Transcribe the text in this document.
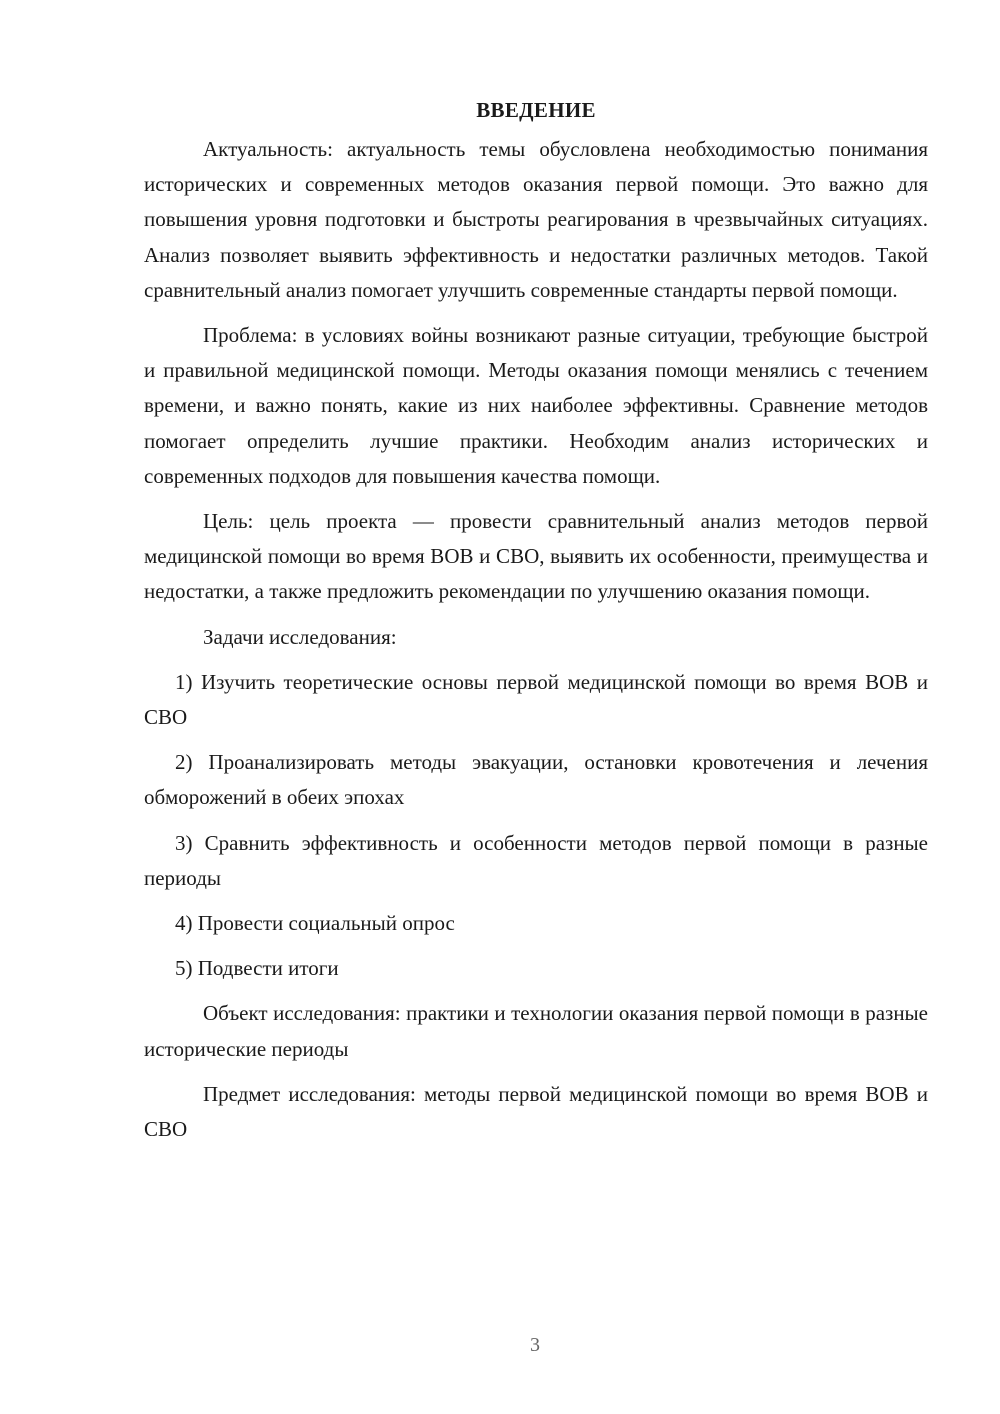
ВВЕДЕНИЕ

Актуальность: актуальность темы обусловлена необходимостью понимания исторических и современных методов оказания первой помощи. Это важно для повышения уровня подготовки и быстроты реагирования в чрезвычайных ситуациях. Анализ позволяет выявить эффективность и недостатки различных методов. Такой сравнительный анализ помогает улучшить современные стандарты первой помощи.

Проблема: в условиях войны возникают разные ситуации, требующие быстрой и правильной медицинской помощи. Методы оказания помощи менялись с течением времени, и важно понять, какие из них наиболее эффективны. Сравнение методов помогает определить лучшие практики. Необходим анализ исторических и современных подходов для повышения качества помощи.

Цель: цель проекта — провести сравнительный анализ методов первой медицинской помощи во время ВОВ и СВО, выявить их особенности, преимущества и недостатки, а также предложить рекомендации по улучшению оказания помощи.

Задачи исследования:

1) Изучить теоретические основы первой медицинской помощи во время ВОВ и СВО

2) Проанализировать методы эвакуации, остановки кровотечения и лечения обморожений в обеих эпохах

3) Сравнить эффективность и особенности методов первой помощи в разные периоды

4) Провести социальный опрос

5) Подвести итоги

Объект исследования: практики и технологии оказания первой помощи в разные исторические периоды

Предмет исследования: методы первой медицинской помощи во время ВОВ и СВО

3
